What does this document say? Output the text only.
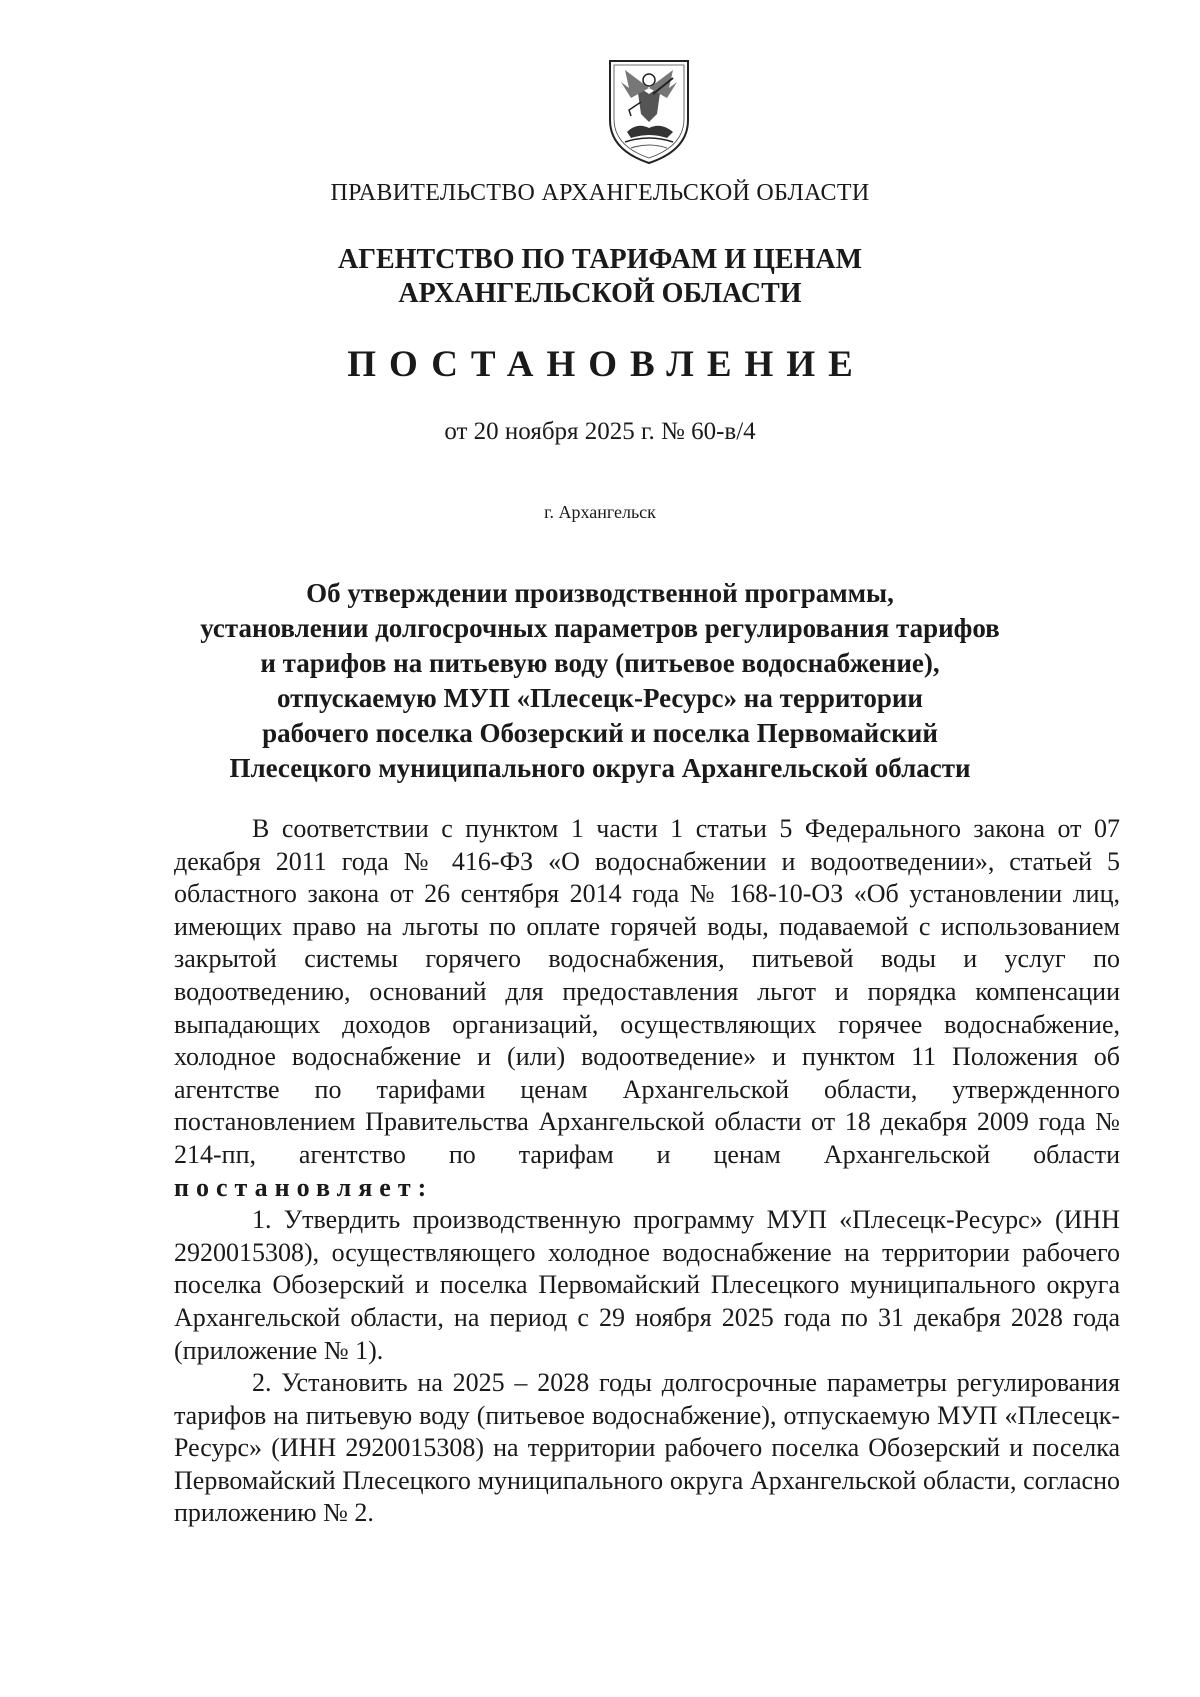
ПРАВИТЕЛЬСТВО АРХАНГЕЛЬСКОЙ ОБЛАСТИ
АГЕНТСТВО ПО ТАРИФАМ И ЦЕНАМ
АРХАНГЕЛЬСКОЙ ОБЛАСТИ
ПОСТАНОВЛЕНИЕ
от 20 ноября 2025 г. № 60-в/4
г. Архангельск
Об утверждении производственной программы,
установлении долгосрочных параметров регулирования тарифов
и тарифов на питьевую воду (питьевое водоснабжение),
отпускаемую МУП «Плесецк-Ресурс» на территории
рабочего поселка Обозерский и поселка Первомайский
Плесецкого муниципального округа Архангельской области

В соответствии с пунктом 1 части 1 статьи 5 Федерального закона от 07 декабря 2011 года № 416-ФЗ «О водоснабжении и водоотведении», статьей 5 областного закона от 26 сентября 2014 года № 168-10-ОЗ «Об установлении лиц, имеющих право на льготы по оплате горячей воды, подаваемой с использованием закрытой системы горячего водоснабжения, питьевой воды и услуг по водоотведению, оснований для предоставления льгот и порядка компенсации выпадающих доходов организаций, осуществляющих горячее водоснабжение, холодное водоснабжение и (или) водоотведение» и пунктом 11 Положения об агентстве по тарифами ценам Архангельской области, утвержденного постановлением Правительства Архангельской области от 18 декабря 2009 года № 214-пп, агентство по тарифам и ценам Архангельской области постановляет:

1. Утвердить производственную программу МУП «Плесецк-Ресурс» (ИНН 2920015308), осуществляющего холодное водоснабжение на территории рабочего поселка Обозерский и поселка Первомайский Плесецкого муниципального округа Архангельской области, на период с 29 ноября 2025 года по 31 декабря 2028 года (приложение № 1).

2. Установить на 2025 – 2028 годы долгосрочные параметры регулирования тарифов на питьевую воду (питьевое водоснабжение), отпускаемую МУП «Плесецк-Ресурс» (ИНН 2920015308) на территории рабочего поселка Обозерский и поселка Первомайский Плесецкого муниципального округа Архангельской области, согласно приложению № 2.
